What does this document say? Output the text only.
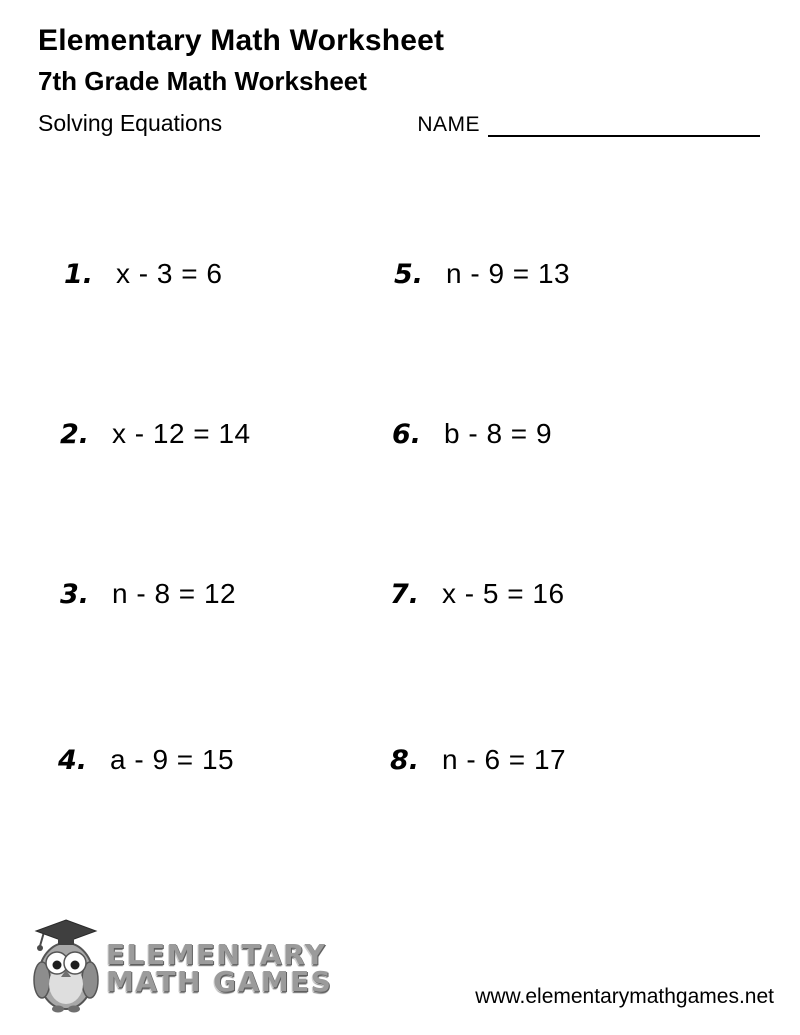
Elementary Math Worksheet
7th Grade Math Worksheet
Solving Equations	NAME
1. x - 3 = 6	5. n - 9 = 13
2. x - 12 = 14	6. b - 8 = 9
3. n - 8 = 12	7. x - 5 = 16
4. a - 9 = 15	8. n - 6 = 17
ELEMENTARY
MATH GAMES	www.elementarymathgames.net
